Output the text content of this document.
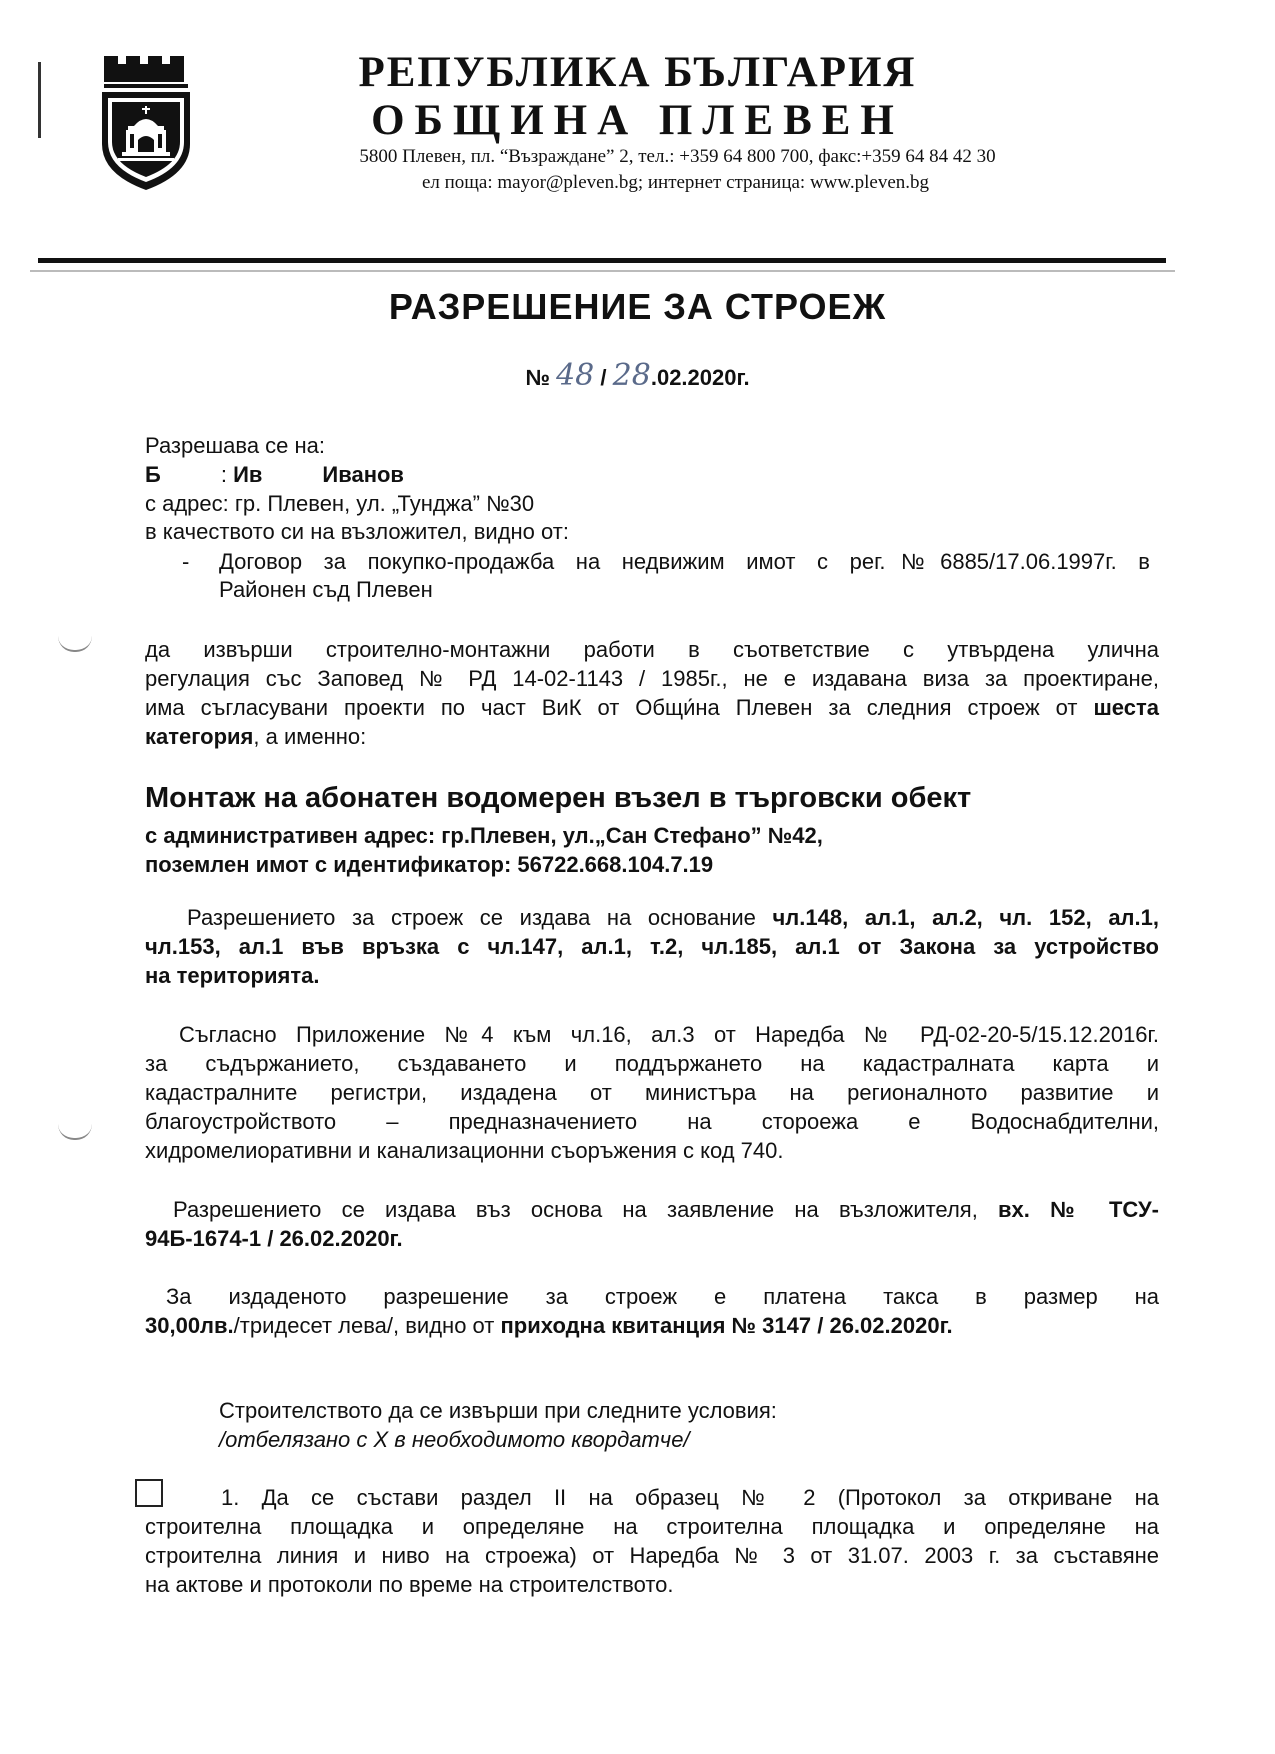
РЕПУБЛИКА БЪЛГАРИЯ
ОБЩИНА ПЛЕВЕН
5800 Плевен, пл. “Възраждане” 2, тел.: +359 64 800 700, факс:+359 64 84 42 30
ел поща: mayor@pleven.bg; интернет страница: www.pleven.bg
РАЗРЕШЕНИЕ ЗА СТРОЕЖ
№ 48 / 28.02.2020г.
Разрешава се на:
Б	: Ив	Иванов
с адрес: гр. Плевен, ул. „Тунджа” №30
в качеството си на възложител, видно от:
- Договор за покупко-продажба на недвижим имот с рег.№6885/17.06.1997г. в
Районен съд Плевен
да извърши строително-монтажни работи в съответствие с утвърдена улична
регулация със Заповед № РД 14-02-1143 / 1985г., не е издавана виза за проектиране,
има съгласувани проекти по част ВиК от Общи́на Плевен за следния строеж от шеста
категория, а именно:
Монтаж на абонатен водомерен възел в търговски обект
с административен адрес: гр.Плевен, ул.„Сан Стефано” №42,
поземлен имот с идентификатор: 56722.668.104.7.19
Разрешението за строеж се издава на основание чл.148, ал.1, ал.2, чл. 152, ал.1,
чл.153, ал.1 във връзка с чл.147, ал.1, т.2, чл.185, ал.1 от Закона за устройство
на територията.
Съгласно Приложение №4 към чл.16, ал.3 от Наредба № РД-02-20-5/15.12.2016г.
за съдържанието, създаването и поддържането на кадастралната карта и
кадастралните регистри, издадена от министъра на регионалното развитие и
благоустройството – предназначението на стороежа е Водоснабдителни,
хидромелиоративни и канализационни съоръжения с код 740.
Разрешението се издава въз основа на заявление на възложителя, вх. № ТСУ-
94Б-1674-1 / 26.02.2020г.
За издаденото разрешение за строеж е платена такса в размер на
30,00лв./тридесет лева/, видно от приходна квитанция № 3147 / 26.02.2020г.
Строителството да се извърши при следните условия:
/отбелязано с Х в необходимото квордатче/
1. Да се състави раздел II на образец № 2 (Протокол за откриване на
строителна площадка и определяне на строителна площадка и определяне на
строителна линия и ниво на строежа) от Наредба № 3 от 31.07. 2003 г. за съставяне
на актове и протоколи по време на строителството.
